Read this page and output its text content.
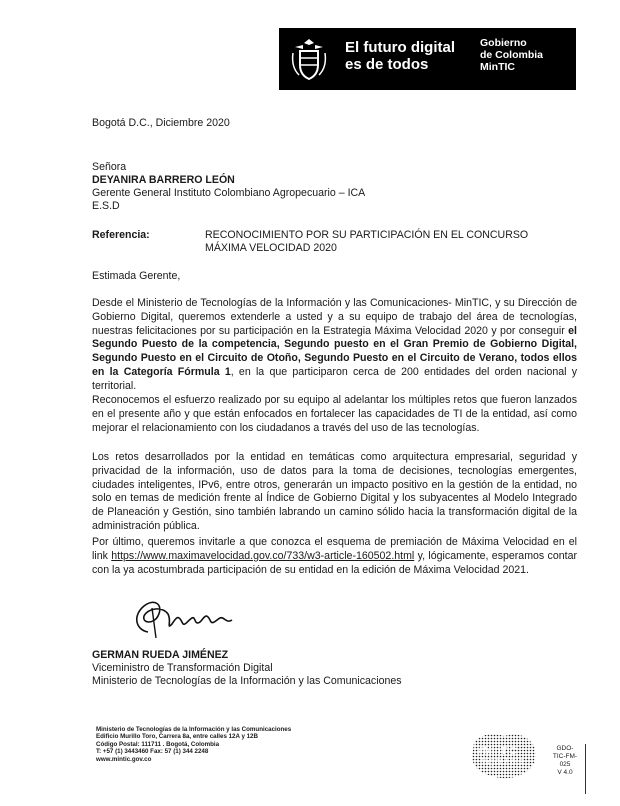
El futuro digital
es de todos
Gobierno
de Colombia
MinTIC
Bogotá D.C., Diciembre 2020
Señora
DEYANIRA BARRERO LEÓN
Gerente General Instituto Colombiano Agropecuario – ICA
E.S.D
Referencia:	RECONOCIMIENTO POR SU PARTICIPACIÓN EN EL CONCURSO
MÁXIMA VELOCIDAD 2020
Estimada Gerente,
Desde el Ministerio de Tecnologías de la Información y las Comunicaciones- MinTIC, y su Dirección de Gobierno Digital, queremos extenderle a usted y a su equipo de trabajo del área de tecnologías, nuestras felicitaciones por su participación en la Estrategia Máxima Velocidad 2020 y por conseguir el Segundo Puesto de la competencia, Segundo puesto en el Gran Premio de Gobierno Digital, Segundo Puesto en el Circuito de Otoño, Segundo Puesto en el Circuito de Verano, todos ellos en la Categoría Fórmula 1, en la que participaron cerca de 200 entidades del orden nacional y territorial.
Reconocemos el esfuerzo realizado por su equipo al adelantar los múltiples retos que fueron lanzados en el presente año y que están enfocados en fortalecer las capacidades de TI de la entidad, así como mejorar el relacionamiento con los ciudadanos a través del uso de las tecnologías.
Los retos desarrollados por la entidad en temáticas como arquitectura empresarial, seguridad y privacidad de la información, uso de datos para la toma de decisiones, tecnologías emergentes, ciudades inteligentes, IPv6, entre otros, generarán un impacto positivo en la gestión de la entidad, no solo en temas de medición frente al Índice de Gobierno Digital y los subyacentes al Modelo Integrado de Planeación y Gestión, sino también labrando un camino sólido hacia la transformación digital de la administración pública.
Por último, queremos invitarle a que conozca el esquema de premiación de Máxima Velocidad en el link https://www.maximavelocidad.gov.co/733/w3-article-160502.html y, lógicamente, esperamos contar con la ya acostumbrada participación de su entidad en la edición de Máxima Velocidad 2021.
GERMAN RUEDA JIMÉNEZ
Viceministro de Transformación Digital
Ministerio de Tecnologías de la Información y las Comunicaciones
Ministerio de Tecnologías de la Información y las Comunicaciones
Edificio Murillo Toro, Carrera 8a, entre calles 12A y 12B
Código Postal: 111711 . Bogotá, Colombia
T: +57 (1) 3443460 Fax: 57 (1) 344 2248
www.mintic.gov.co
#MinTIC
Mejor País
GDO-
TIC-FM-
025
V 4.0
